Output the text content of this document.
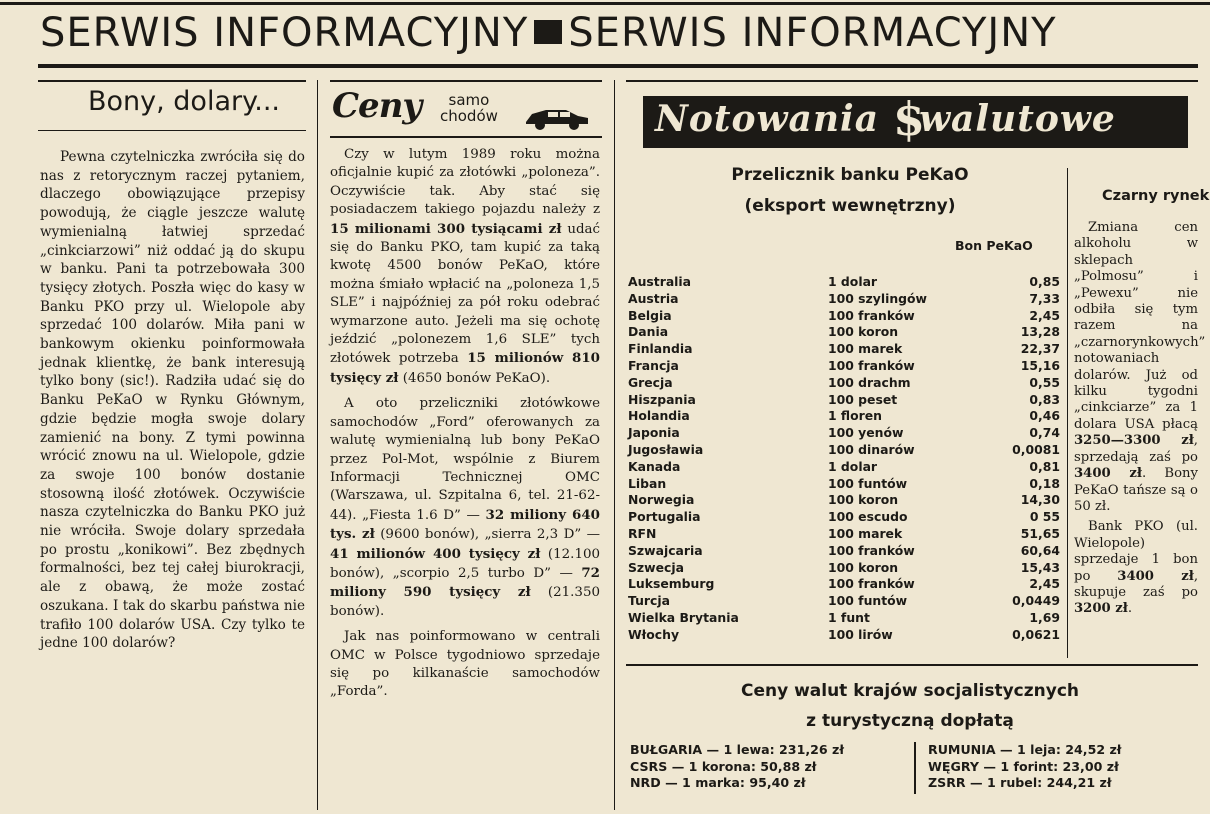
SERWIS INFORMACYJNY SERWIS INFORMACYJNY
Bony, dolary...

Pewna czytelniczka zwróciła się do nas z retorycznym raczej pytaniem, dlaczego obowiązujące przepisy powodują, że ciągle jeszcze walutę wymienialną łatwiej sprzedać „cinkciarzowi” niż oddać ją do skupu w banku. Pani ta potrzebowała 300 tysięcy złotych. Poszła więc do kasy w Banku PKO przy ul. Wielopole aby sprzedać 100 dolarów. Miła pani w bankowym okienku poinformowała jednak klientkę, że bank interesują tylko bony (sic!). Radziła udać się do Banku PeKaO w Rynku Głównym, gdzie będzie mogła swoje dolary zamienić na bony. Z tymi powinna wrócić znowu na ul. Wielopole, gdzie za swoje 100 bonów dostanie stosowną ilość złotówek. Oczywiście nasza czytelniczka do Banku PKO już nie wróciła. Swoje dolary sprzedała po prostu „konikowi”. Bez zbędnych formalności, bez tej całej biurokracji, ale z obawą, że może zostać oszukana. I tak do skarbu państwa nie trafiło 100 dolarów USA. Czy tylko te jedne 100 dolarów?

Ceny	samo
chodów

Czy w lutym 1989 roku można oficjalnie kupić za złotówki „poloneza”. Oczywiście tak. Aby stać się posiadaczem takiego pojazdu należy z 15 milionami 300 tysiącami zł udać się do Banku PKO, tam kupić za taką kwotę 4500 bonów PeKaO, które można śmiało wpłacić na „poloneza 1,5 SLE” i najpóźniej za pół roku odebrać wymarzone auto. Jeżeli ma się ochotę jeździć „polonezem 1,6 SLE” tych złotówek potrzeba 15 milionów 810 tysięcy zł (4650 bonów PeKaO).

A oto przeliczniki złotówkowe samochodów „Ford” oferowanych za walutę wymienialną lub bony PeKaO przez Pol-Mot, wspólnie z Biurem Informacji Technicznej OMC (Warszawa, ul. Szpitalna 6, tel. 21-62-44). „Fiesta 1.6 D” — 32 miliony 640 tys. zł (9600 bonów), „sierra 2,3 D” — 41 milionów 400 tysięcy zł (12.100 bonów), „scorpio 2,5 turbo D” — 72 miliony 590 tysięcy zł (21.350 bonów).

Jak nas poinformowano w centrali OMC w Polsce tygodniowo sprzedaje się po kilkanaście samochodów „Forda”.

Notowania walutowe
$
Przelicznik banku PeKaO
(eksport wewnętrzny)
Bon PeKaO
Australia	1 dolar	0,85
Austria	100 szylingów	7,33
Belgia	100 franków	2,45
Dania	100 koron	13,28
Finlandia	100 marek	22,37
Francja	100 franków	15,16
Grecja	100 drachm	0,55
Hiszpania	100 peset	0,83
Holandia	1 floren	0,46
Japonia	100 yenów	0,74
Jugosławia	100 dinarów	0,0081
Kanada	1 dolar	0,81
Liban	100 funtów	0,18
Norwegia	100 koron	14,30
Portugalia	100 escudo	0 55
RFN	100 marek	51,65
Szwajcaria	100 franków	60,64
Szwecja	100 koron	15,43
Luksemburg	100 franków	2,45
Turcja	100 funtów	0,0449
Wielka Brytania	1 funt	1,69
Włochy	100 lirów	0,0621
Czarny rynek

Zmiana cen alkoholu w sklepach „Polmosu” i „Pewexu” nie odbiła się tym razem na „czarnorynkowych” notowaniach dolarów. Już od kilku tygodni „cinkciarze” za 1 dolara USA płacą 3250—3300 zł, sprzedają zaś po 3400 zł. Bony PeKaO tańsze są o 50 zł.

Bank PKO (ul. Wielopole) sprzedaje 1 bon po 3400 zł, skupuje zaś po 3200 zł.

Ceny walut krajów socjalistycznych
z turystyczną dopłatą
BUŁGARIA — 1 lewa: 231,26 zł
CSRS — 1 korona: 50,88 zł
NRD — 1 marka: 95,40 zł
RUMUNIA — 1 leja: 24,52 zł
WĘGRY — 1 forint: 23,00 zł
ZSRR — 1 rubel: 244,21 zł
